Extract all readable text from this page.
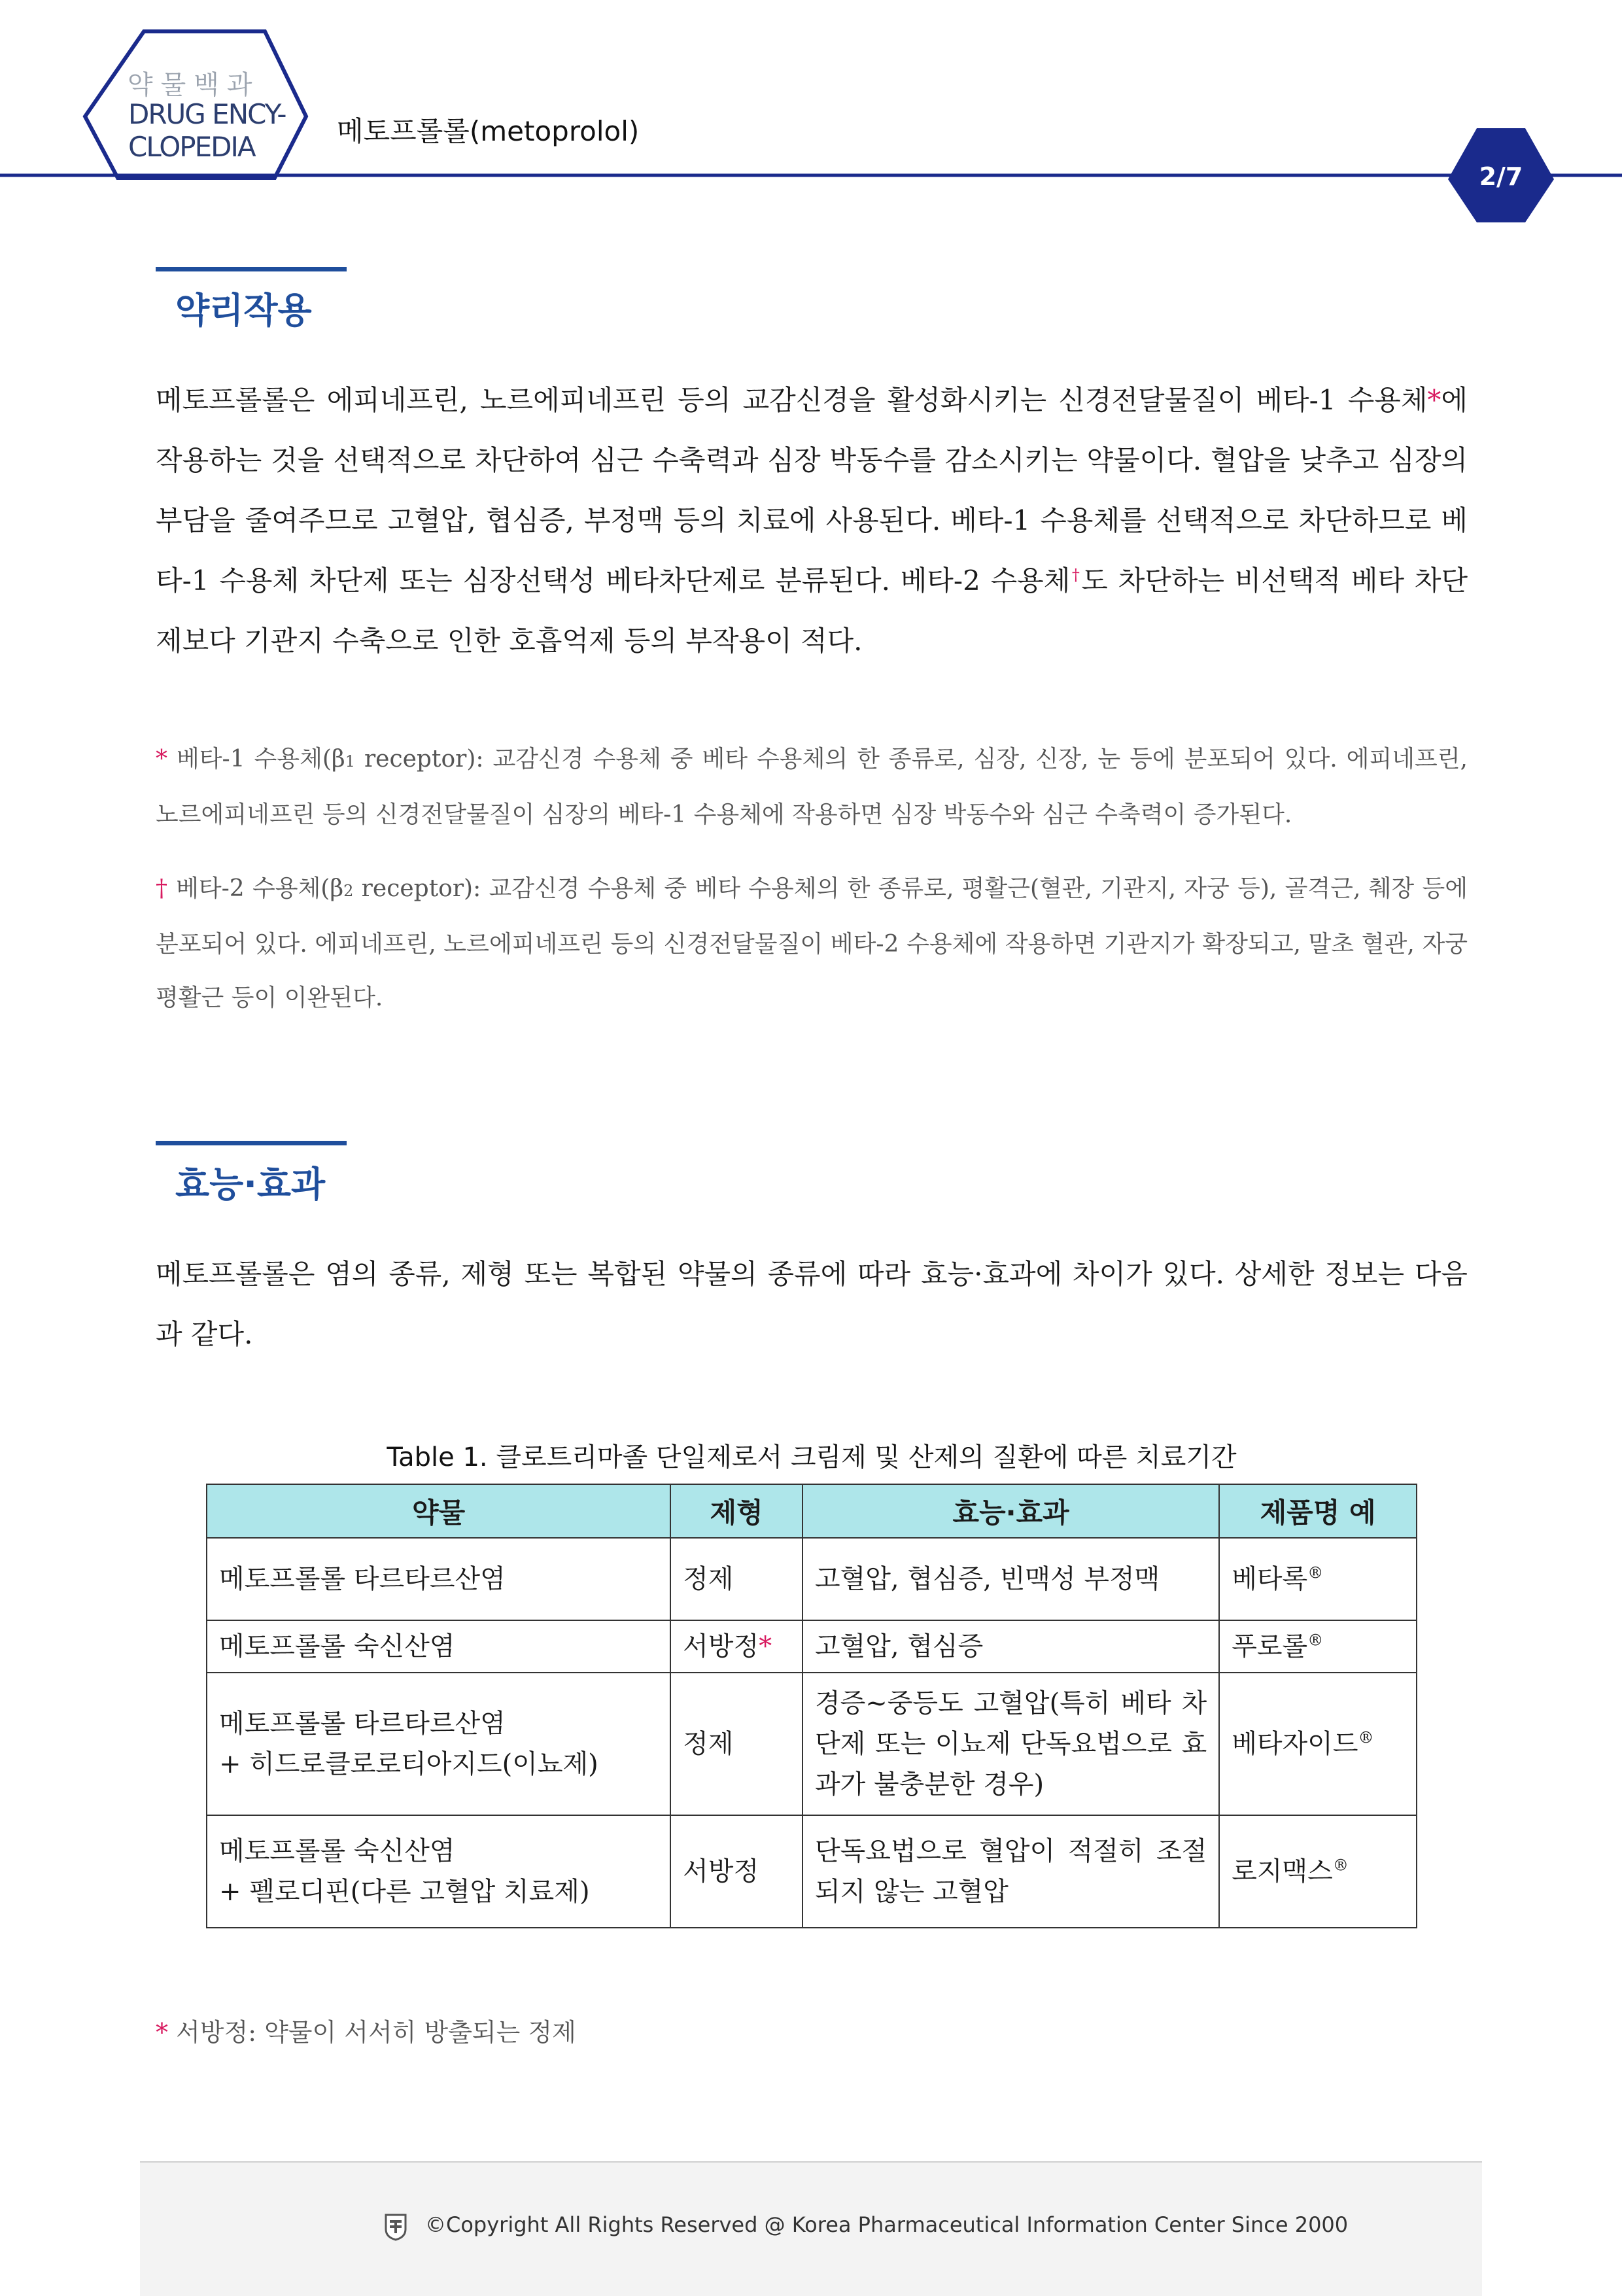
약물백과
DRUG ENCY-
CLOPEDIA	메토프롤롤(metoprolol)
2/7
약리작용
메토프롤롤은 에피네프린, 노르에피네프린 등의 교감신경을 활성화시키는 신경전달물질이 베타-1 수용체*에 작용하는 것을 선택적으로 차단하여 심근 수축력과 심장 박동수를 감소시키는 약물이다. 혈압을 낮추고 심장의 부담을 줄여주므로 고혈압, 협심증, 부정맥 등의 치료에 사용된다. 베타-1 수용체를 선택적으로 차단하므로 베타-1 수용체 차단제 또는 심장선택성 베타차단제로 분류된다. 베타-2 수용체†도 차단하는 비선택적 베타 차단제보다 기관지 수축으로 인한 호흡억제 등의 부작용이 적다.
* 베타-1 수용체(β1 receptor): 교감신경 수용체 중 베타 수용체의 한 종류로, 심장, 신장, 눈 등에 분포되어 있다. 에피네프린, 노르에피네프린 등의 신경전달물질이 심장의 베타-1 수용체에 작용하면 심장 박동수와 심근 수축력이 증가된다.
† 베타-2 수용체(β2 receptor): 교감신경 수용체 중 베타 수용체의 한 종류로, 평활근(혈관, 기관지, 자궁 등), 골격근, 췌장 등에 분포되어 있다. 에피네프린, 노르에피네프린 등의 신경전달물질이 베타-2 수용체에 작용하면 기관지가 확장되고, 말초 혈관, 자궁 평활근 등이 이완된다.
효능·효과
메토프롤롤은 염의 종류, 제형 또는 복합된 약물의 종류에 따라 효능·효과에 차이가 있다. 상세한 정보는 다음과 같다.
Table 1. 클로트리마졸 단일제로서 크림제 및 산제의 질환에 따른 치료기간
약물	제형	효능·효과	제품명 예
메토프롤롤 타르타르산염	정제	고혈압, 협심증, 빈맥성 부정맥	베타록®
메토프롤롤 숙신산염	서방정*	고혈압, 협심증	푸로롤®

메토프롤롤 타르타르산염
+ 히드로클로로티아지드(이뇨제)	정제	경증~중등도 고혈압(특히 베타 차단제 또는 이뇨제 단독요법으로 효과가 불충분한 경우)	베타자이드®

메토프롤롤 숙신산염
+ 펠로디핀(다른 고혈압 치료제)	서방정	단독요법으로 혈압이 적절히 조절되지 않는 고혈압	로지맥스®
* 서방정: 약물이 서서히 방출되는 정제
©Copyright All Rights Reserved @ Korea Pharmaceutical Information Center Since 2000
